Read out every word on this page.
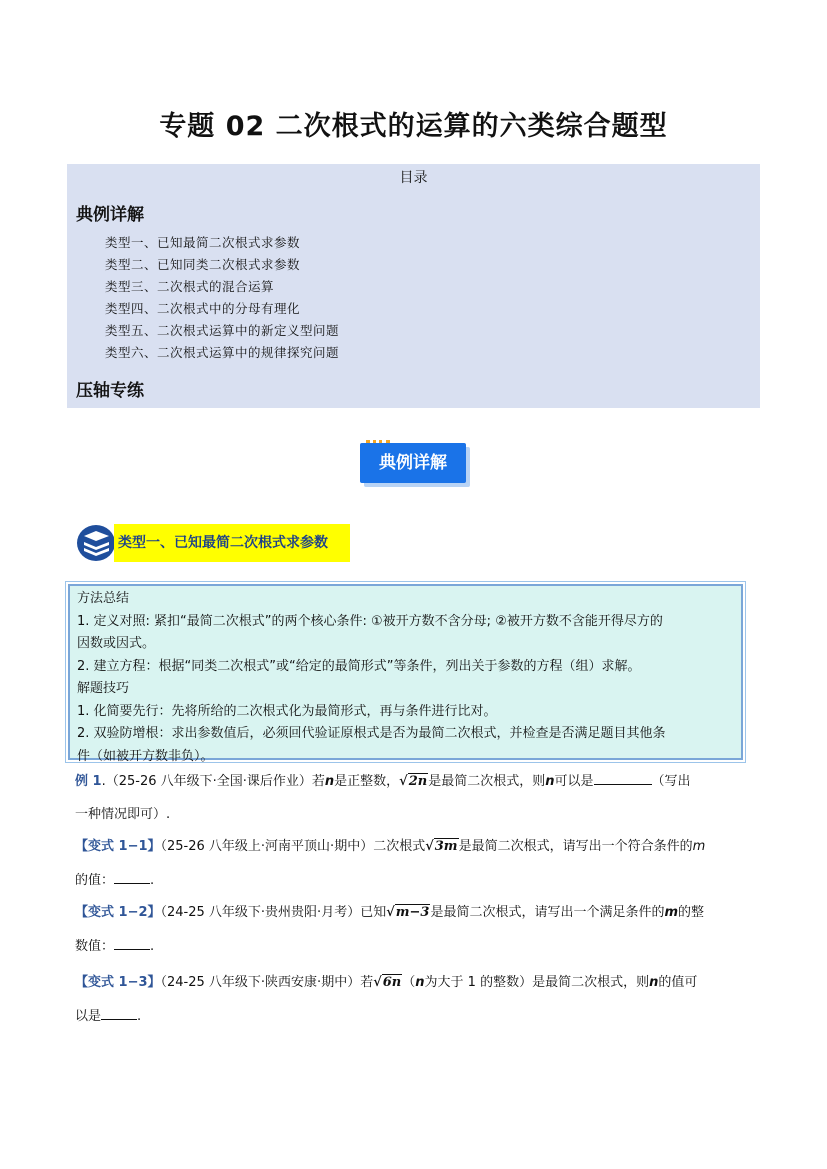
专题 02 二次根式的运算的六类综合题型
目录
典例详解
类型一、已知最简二次根式求参数
类型二、已知同类二次根式求参数
类型三、二次根式的混合运算
类型四、二次根式中的分母有理化
类型五、二次根式运算中的新定义型问题
类型六、二次根式运算中的规律探究问题
压轴专练
典例详解
类型一、已知最简二次根式求参数

方法总结

1. 定义对照: 紧扣“最简二次根式”的两个核心条件: ①被开方数不含分母; ②被开方数不含能开得尽方的

因数或因式。

2. 建立方程：根据“同类二次根式”或“给定的最简形式”等条件，列出关于参数的方程（组）求解。

解题技巧

1. 化简要先行：先将所给的二次根式化为最简形式，再与条件进行比对。

2. 双验防增根：求出参数值后，必须回代验证原根式是否为最简二次根式，并检查是否满足题目其他条

件（如被开方数非负）。

例 1.（25-26 八年级下·全国·课后作业）若n是正整数，√2n是最简二次根式，则n可以是	（写出
一种情况即可）.
【变式 1−1】（25-26 八年级上·河南平顶山·期中）二次根式√3m是最简二次根式，请写出一个符合条件的m
的值：	.
【变式 1−2】（24-25 八年级下·贵州贵阳·月考）已知√m−3是最简二次根式，请写出一个满足条件的m的整
数值：	.
【变式 1−3】（24-25 八年级下·陕西安康·期中）若√6n（n为大于 1 的整数）是最简二次根式，则n的值可
以是	.
